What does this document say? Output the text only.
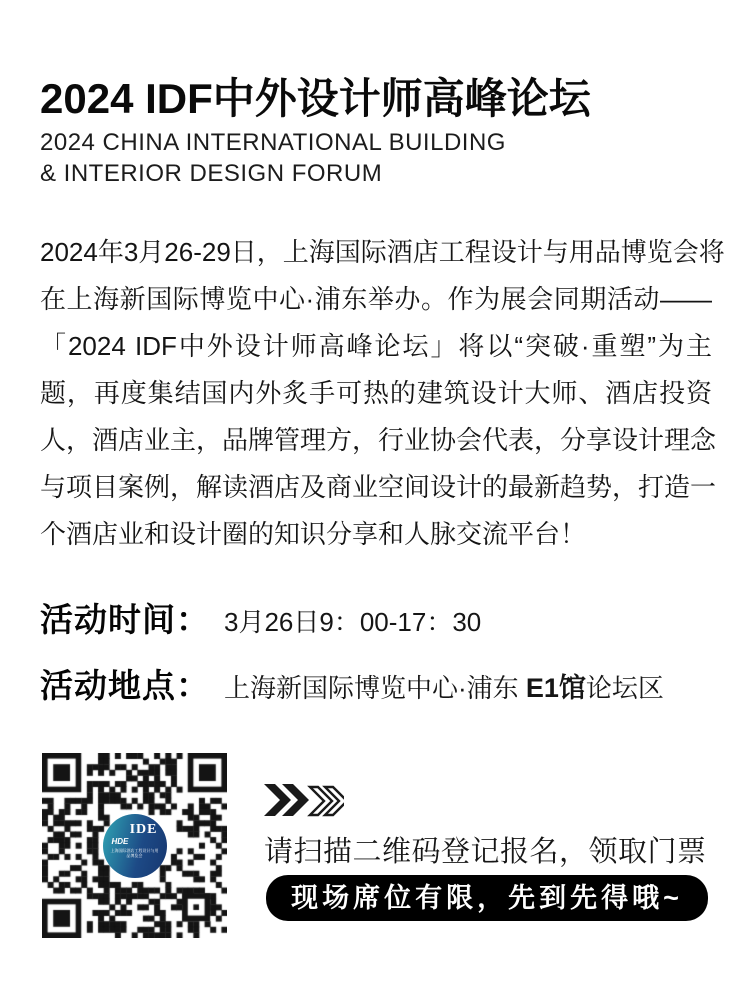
2024 IDF中外设计师高峰论坛
2024 CHINA INTERNATIONAL BUILDING
& INTERIOR DESIGN FORUM
2024年3月26-29日，上海国际酒店工程设计与用品博览会将
在上海新国际博览中心·浦东举办。作为展会同期活动——
「2024 IDF中外设计师高峰论坛」将以“突破·重塑”为主
题，再度集结国内外炙手可热的建筑设计大师、酒店投资
人，酒店业主，品牌管理方，行业协会代表，分享设计理念
与项目案例，解读酒店及商业空间设计的最新趋势，打造一
个酒店业和设计圈的知识分享和人脉交流平台！
活动时间： 3月26日9：00-17：30
活动地点： 上海新国际博览中心·浦东 E1馆论坛区
IDE
HDE
上海国际酒店工程设计与用品博览会	请扫描二维码登记报名，领取门票
现场席位有限，先到先得哦~
